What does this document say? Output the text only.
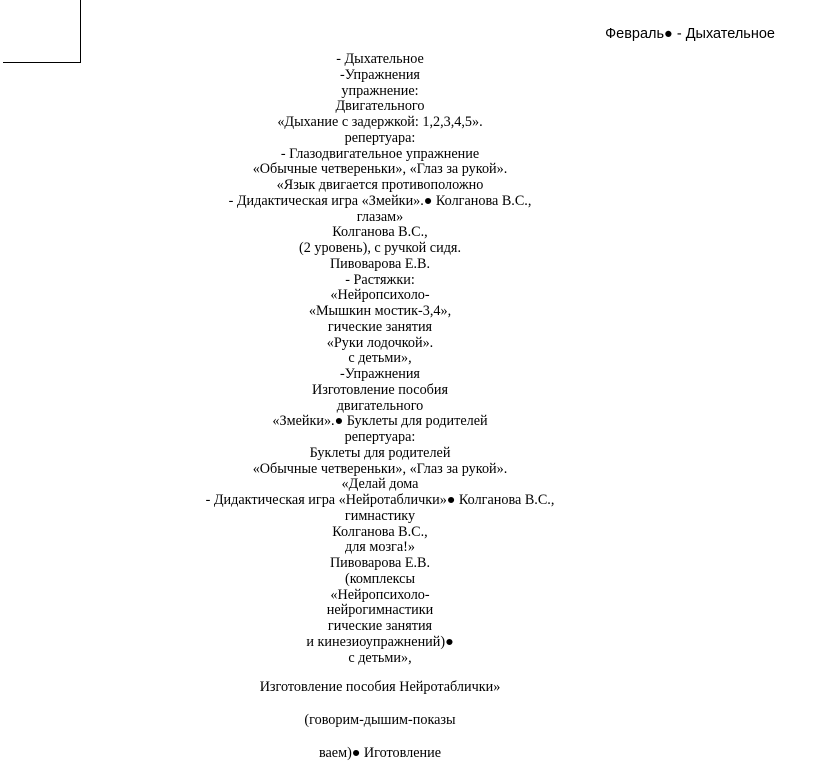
Февраль● - Дыхательное
- Дыхательное
-Упражнения
упражнение:
Двигательного
«Дыхание с задержкой: 1,2,3,4,5».
репертуара:
- Глазодвигательное упражнение
«Обычные четвереньки», «Глаз за рукой».
«Язык двигается противоположно
- Дидактическая игра «Змейки».● Колганова В.С.,
глазам»
Колганова В.С.,
(2 уровень), с ручкой сидя.
Пивоварова Е.В.
- Растяжки:
«Нейропсихоло-
«Мышкин мостик-3,4»,
гические занятия
«Руки лодочкой».
с детьми»,
-Упражнения
Изготовление пособия
двигательного
«Змейки».● Буклеты для родителей
репертуара:
Буклеты для родителей
«Обычные четвереньки», «Глаз за рукой».
«Делай дома
- Дидактическая игра «Нейротаблички»● Колганова В.С.,
гимнастику
Колганова В.С.,
для мозга!»
Пивоварова Е.В.
(комплексы
«Нейропсихоло-
нейрогимнастики
гические занятия
и кинезиоупражнений)●
с детьми»,
Изготовление пособия Нейротаблички»
(говорим-дышим-показы
ваем)● Иготовление
